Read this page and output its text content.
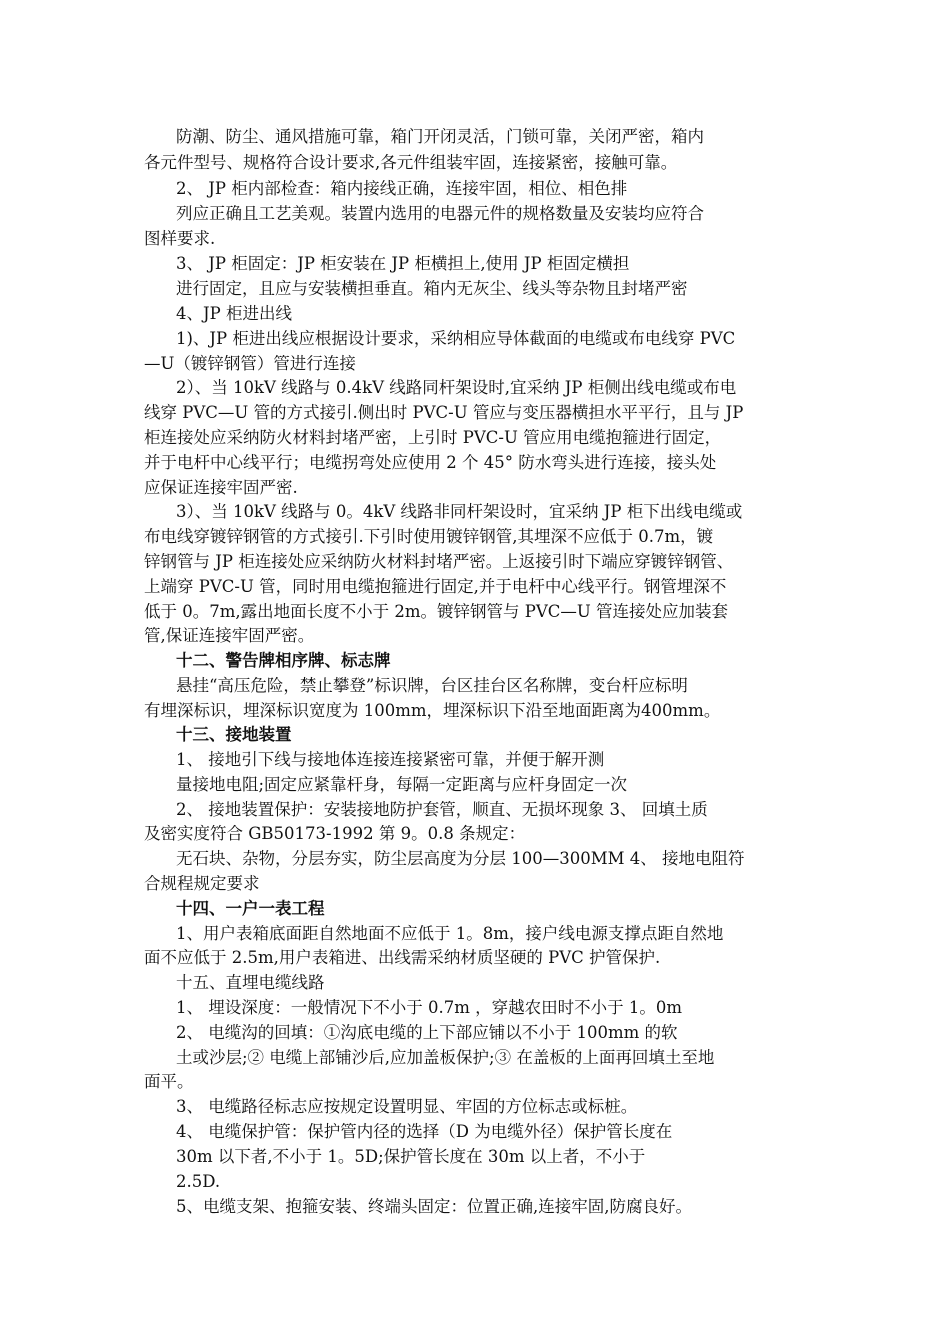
防潮、防尘、通风措施可靠，箱门开闭灵活，门锁可靠，关闭严密，箱内
各元件型号、规格符合设计要求,各元件组装牢固，连接紧密，接触可靠。
2、 JP 柜内部检查：箱内接线正确，连接牢固，相位、相色排
列应正确且工艺美观。装置内选用的电器元件的规格数量及安装均应符合
图样要求.
3、 JP 柜固定：JP 柜安装在 JP 柜横担上,使用 JP 柜固定横担
进行固定，且应与安装横担垂直。箱内无灰尘、线头等杂物且封堵严密
4、JP 柜进出线
1)、JP 柜进出线应根据设计要求，采纳相应导体截面的电缆或布电线穿 PVC
—U（镀锌钢管）管进行连接
2）、当 10kV 线路与 0.4kV 线路同杆架设时,宜采纳 JP 柜侧出线电缆或布电
线穿 PVC—U 管的方式接引.侧出时 PVC-U 管应与变压器横担水平平行，且与 JP
柜连接处应采纳防火材料封堵严密，上引时 PVC-U 管应用电缆抱箍进行固定，
并于电杆中心线平行；电缆拐弯处应使用 2 个 45° 防水弯头进行连接，接头处
应保证连接牢固严密.
3）、当 10kV 线路与 0。4kV 线路非同杆架设时，宜采纳 JP 柜下出线电缆或
布电线穿镀锌钢管的方式接引.下引时使用镀锌钢管,其埋深不应低于 0.7m，镀
锌钢管与 JP 柜连接处应采纳防火材料封堵严密。上返接引时下端应穿镀锌钢管、
上端穿 PVC-U 管，同时用电缆抱箍进行固定,并于电杆中心线平行。钢管埋深不
低于 0。7m,露出地面长度不小于 2m。镀锌钢管与 PVC—U 管连接处应加装套
管,保证连接牢固严密。
十二、警告牌相序牌、标志牌
悬挂“高压危险，禁止攀登”标识牌，台区挂台区名称牌，变台杆应标明
有埋深标识，埋深标识宽度为 100mm，埋深标识下沿至地面距离为400mm。
十三、接地装置
1、 接地引下线与接地体连接连接紧密可靠，并便于解开测
量接地电阻;固定应紧靠杆身，每隔一定距离与应杆身固定一次
2、 接地装置保护：安装接地防护套管，顺直、无损坏现象 3、 回填土质
及密实度符合 GB50173-1992 第 9。0.8 条规定：
无石块、杂物，分层夯实，防尘层高度为分层 100—300MM 4、 接地电阻符
合规程规定要求
十四、一户一表工程
1、用户表箱底面距自然地面不应低于 1。8m，接户线电源支撑点距自然地
面不应低于 2.5m,用户表箱进、出线需采纳材质坚硬的 PVC 护管保护.
十五、直埋电缆线路
1、 埋设深度：一般情况下不小于 0.7m ，穿越农田时不小于 1。0m
2、 电缆沟的回填：①沟底电缆的上下部应铺以不小于 100mm 的软
土或沙层;② 电缆上部铺沙后,应加盖板保护;③ 在盖板的上面再回填土至地
面平。
3、 电缆路径标志应按规定设置明显、牢固的方位标志或标桩。
4、 电缆保护管：保护管内径的选择（D 为电缆外径）保护管长度在
30m 以下者,不小于 1。5D;保护管长度在 30m 以上者，不小于
2.5D.
5、电缆支架、抱箍安装、终端头固定：位置正确,连接牢固,防腐良好。
